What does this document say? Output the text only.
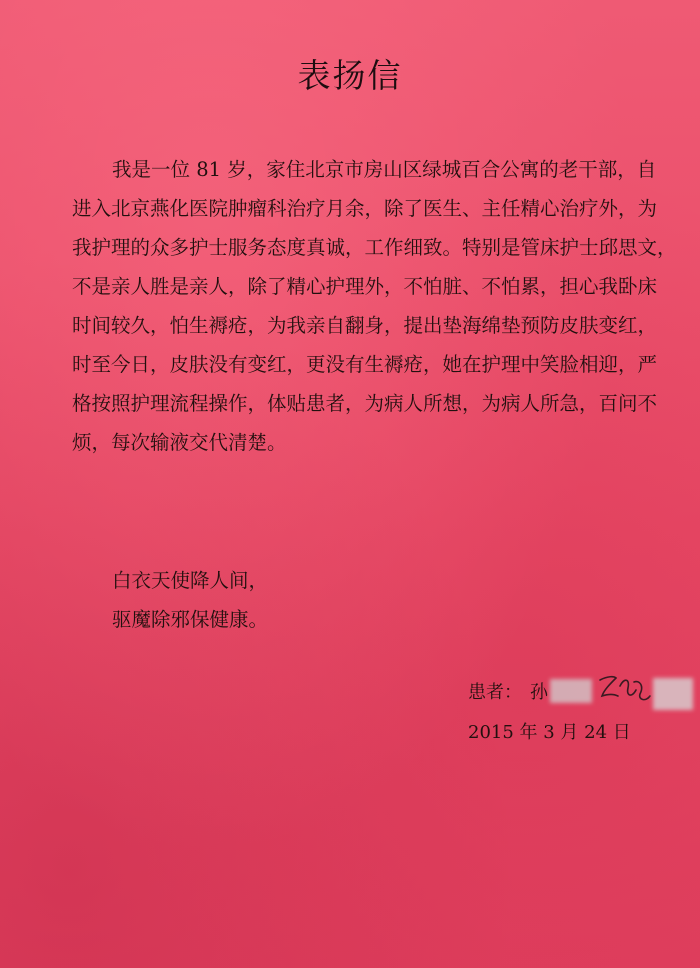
表扬信
我是一位 81 岁，家住北京市房山区绿城百合公寓的老干部，自
进入北京燕化医院肿瘤科治疗月余，除了医生、主任精心治疗外，为
我护理的众多护士服务态度真诚，工作细致。特别是管床护士邱思文，
不是亲人胜是亲人，除了精心护理外，不怕脏、不怕累，担心我卧床
时间较久，怕生褥疮，为我亲自翻身，提出垫海绵垫预防皮肤变红，
时至今日，皮肤没有变红，更没有生褥疮，她在护理中笑脸相迎，严
格按照护理流程操作，体贴患者，为病人所想，为病人所急，百问不
烦，每次输液交代清楚。
白衣天使降人间，
驱魔除邪保健康。
患者： 孙
2015 年 3 月 24 日
